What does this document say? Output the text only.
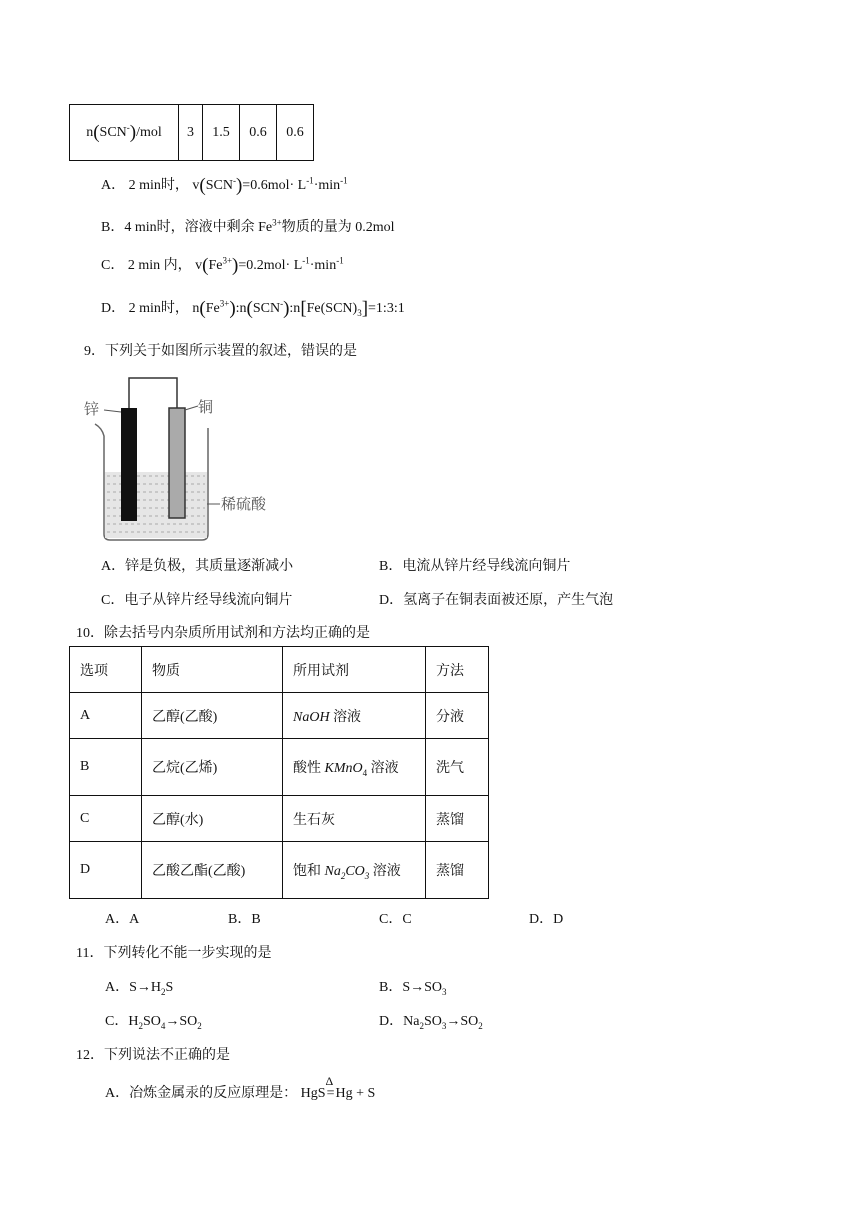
n(SCN-)/mol	3	1.5	0.6	0.6
A． 2 min时， $v(SCN^-)=0.6mol\cdot L^{-1}\cdot\min^{-1}$
B．4 min时，溶液中剩余 $Fe^{3+}$物质的量为 0.2mol
C． 2 min 内， $v(Fe^{3+})=0.2mol\cdot L^{-1}\cdot\min^{-1}$
D． 2 min时， $n(Fe^{3+}):n(SCN^-):n[Fe(SCN)_3]=1:3:1$
9．下列关于如图所示装置的叙述，错误的是
锌	铜
稀硫酸
A．锌是负极，其质量逐渐减小	B．电流从锌片经导线流向铜片
C．电子从锌片经导线流向铜片	D．氢离子在铜表面被还原，产生气泡
10．除去括号内杂质所用试剂和方法均正确的是
选项	物质	所用试剂	方法
A	乙醇(乙酸)	NaOH 溶液	分液
B	乙烷(乙烯)	酸性 KMnO$_4$ 溶液	洗气
C	乙醇(水)	生石灰	蒸馏
D	乙酸乙酯(乙酸)	饱和 $Na_2CO_3$ 溶液	蒸馏
A．A	B．B	C．C	D．D
11．下列转化不能一步实现的是
A．$S\to H_2S$	B．$S\to SO_3$
C．$H_2SO_4\to SO_2$	D．$Na_2SO_3\to SO_2$
12．下列说法不正确的是
A．冶炼金属汞的反应原理是： HgS
Δ
=Hg + S
